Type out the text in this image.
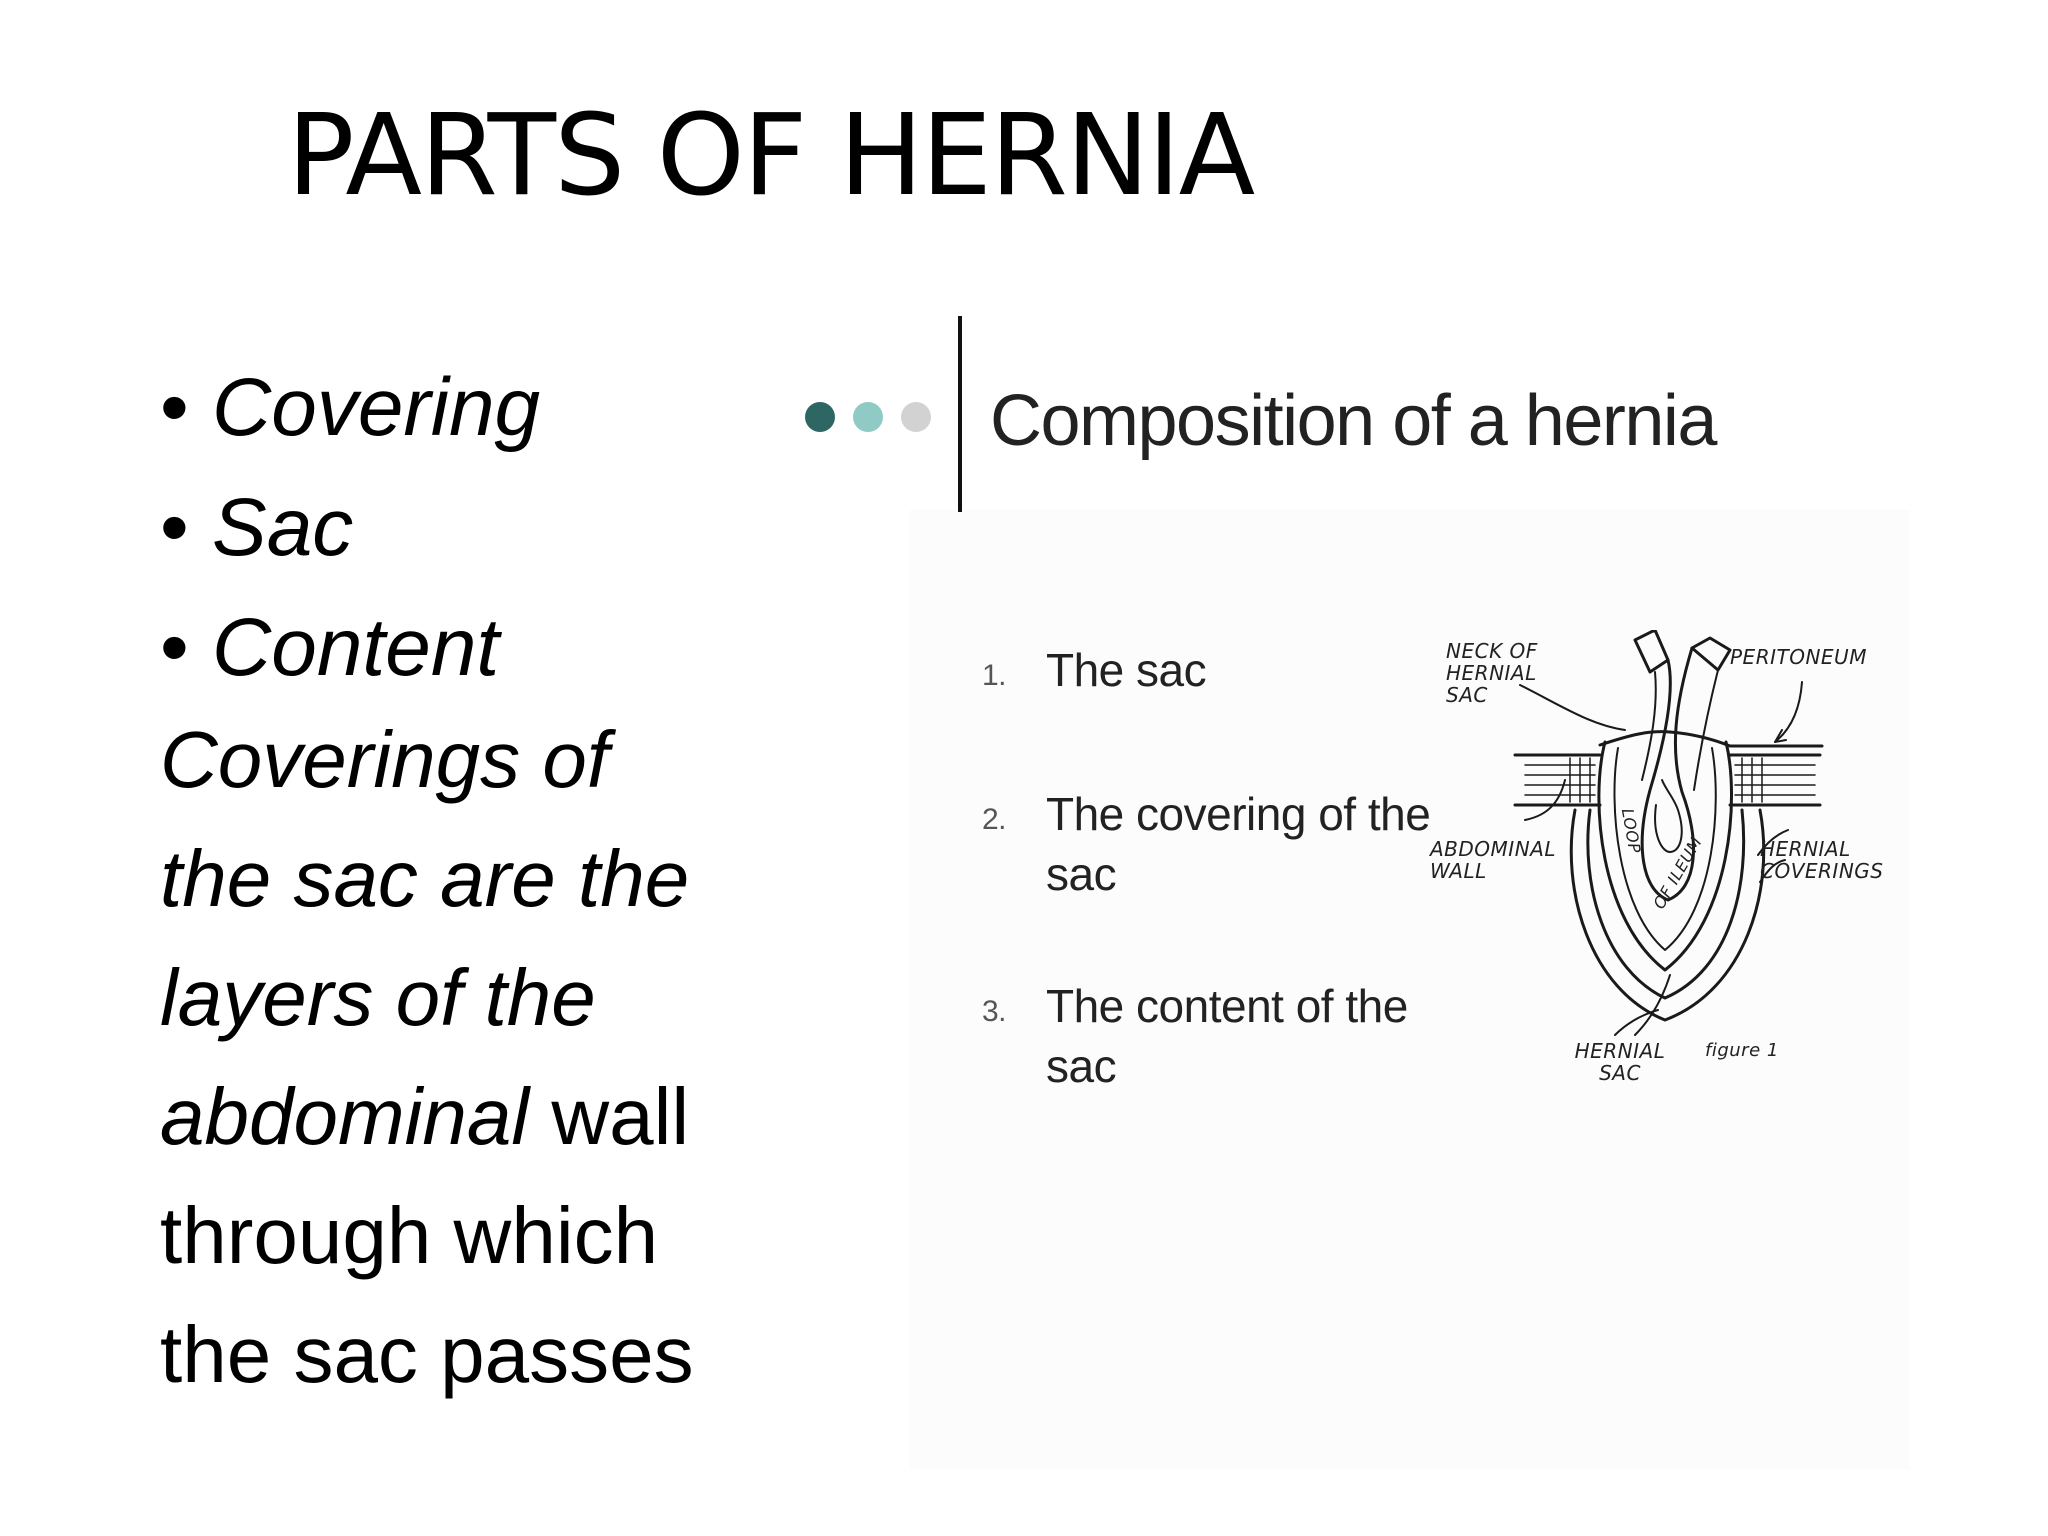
PARTS OF HERNIA
• Covering
• Sac
• Content

Coverings of

the sac are the

layers of the

abdominal wall

through which

the sac passes

Composition of a hernia
1. The sac
2. The covering of the sac
3. The content of the sac
NECK OF HERNIAL SAC
PERITONEUM
ABDOMINAL WALL
HERNIAL COVERINGS
HERNIAL SAC
LOOP
OF ILEUM
figure 1
